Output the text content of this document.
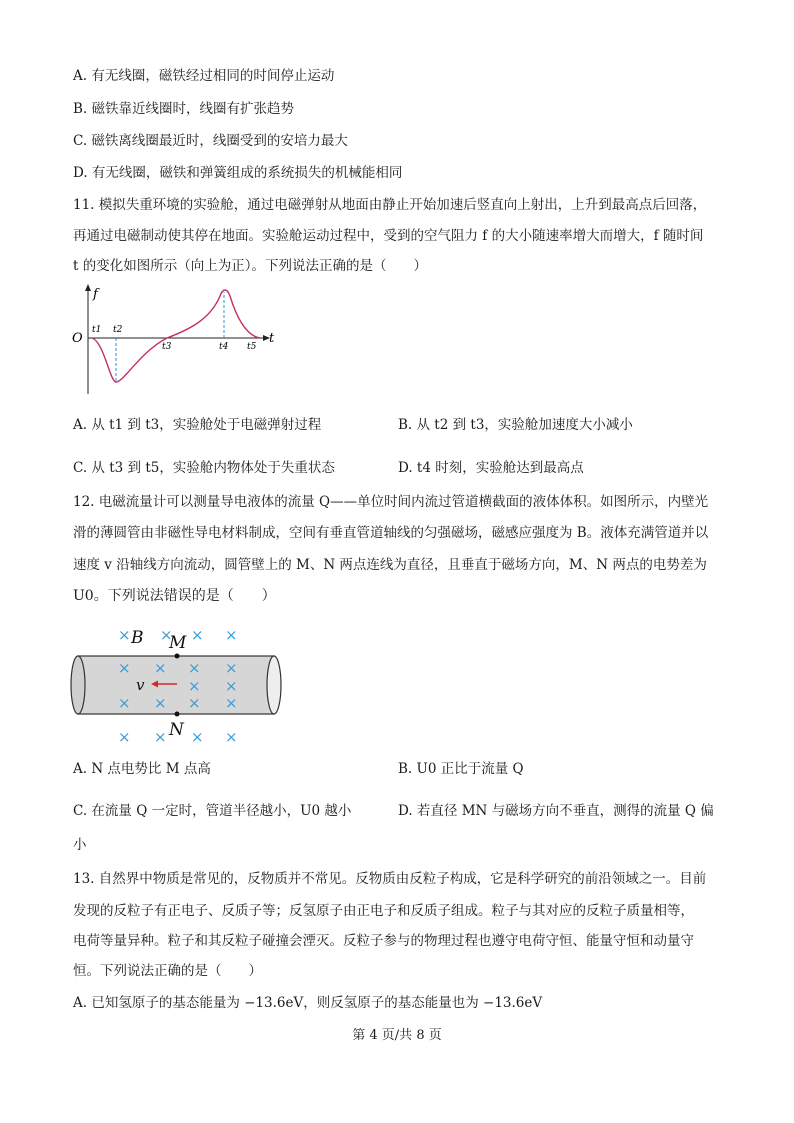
A. 有无线圈，磁铁经过相同的时间停止运动
B. 磁铁靠近线圈时，线圈有扩张趋势
C. 磁铁离线圈最近时，线圈受到的安培力最大
D. 有无线圈，磁铁和弹簧组成的系统损失的机械能相同
11. 模拟失重环境的实验舱，通过电磁弹射从地面由静止开始加速后竖直向上射出，上升到最高点后回落，
再通过电磁制动使其停在地面。实验舱运动过程中，受到的空气阻力 f 的大小随速率增大而增大，f 随时间
t 的变化如图所示（向上为正）。下列说法正确的是（　　）
f
t
O
t1 t2
t3	t4 t5
A. 从 t1 到 t3，实验舱处于电磁弹射过程	B. 从 t2 到 t3，实验舱加速度大小减小
C. 从 t3 到 t5，实验舱内物体处于失重状态	D. t4 时刻，实验舱达到最高点
12. 电磁流量计可以测量导电液体的流量 Q——单位时间内流过管道横截面的液体体积。如图所示，内壁光
滑的薄圆管由非磁性导电材料制成，空间有垂直管道轴线的匀强磁场，磁感应强度为 B。液体充满管道并以
速度 v 沿轴线方向流动，圆管壁上的 M、N 两点连线为直径，且垂直于磁场方向，M、N 两点的电势差为
U0。下列说法错误的是（　　）
× × × ×
× × × ×
× ×
× × × ×
× × × ×
B M
N
v
A. N 点电势比 M 点高	B. U0 正比于流量 Q
C. 在流量 Q 一定时，管道半径越小，U0 越小	D. 若直径 MN 与磁场方向不垂直，测得的流量 Q 偏
小
13. 自然界中物质是常见的，反物质并不常见。反物质由反粒子构成，它是科学研究的前沿领域之一。目前
发现的反粒子有正电子、反质子等；反氢原子由正电子和反质子组成。粒子与其对应的反粒子质量相等，
电荷等量异种。粒子和其反粒子碰撞会湮灭。反粒子参与的物理过程也遵守电荷守恒、能量守恒和动量守
恒。下列说法正确的是（　　）
A. 已知氢原子的基态能量为 −13.6eV，则反氢原子的基态能量也为 −13.6eV
第 4 页/共 8 页
